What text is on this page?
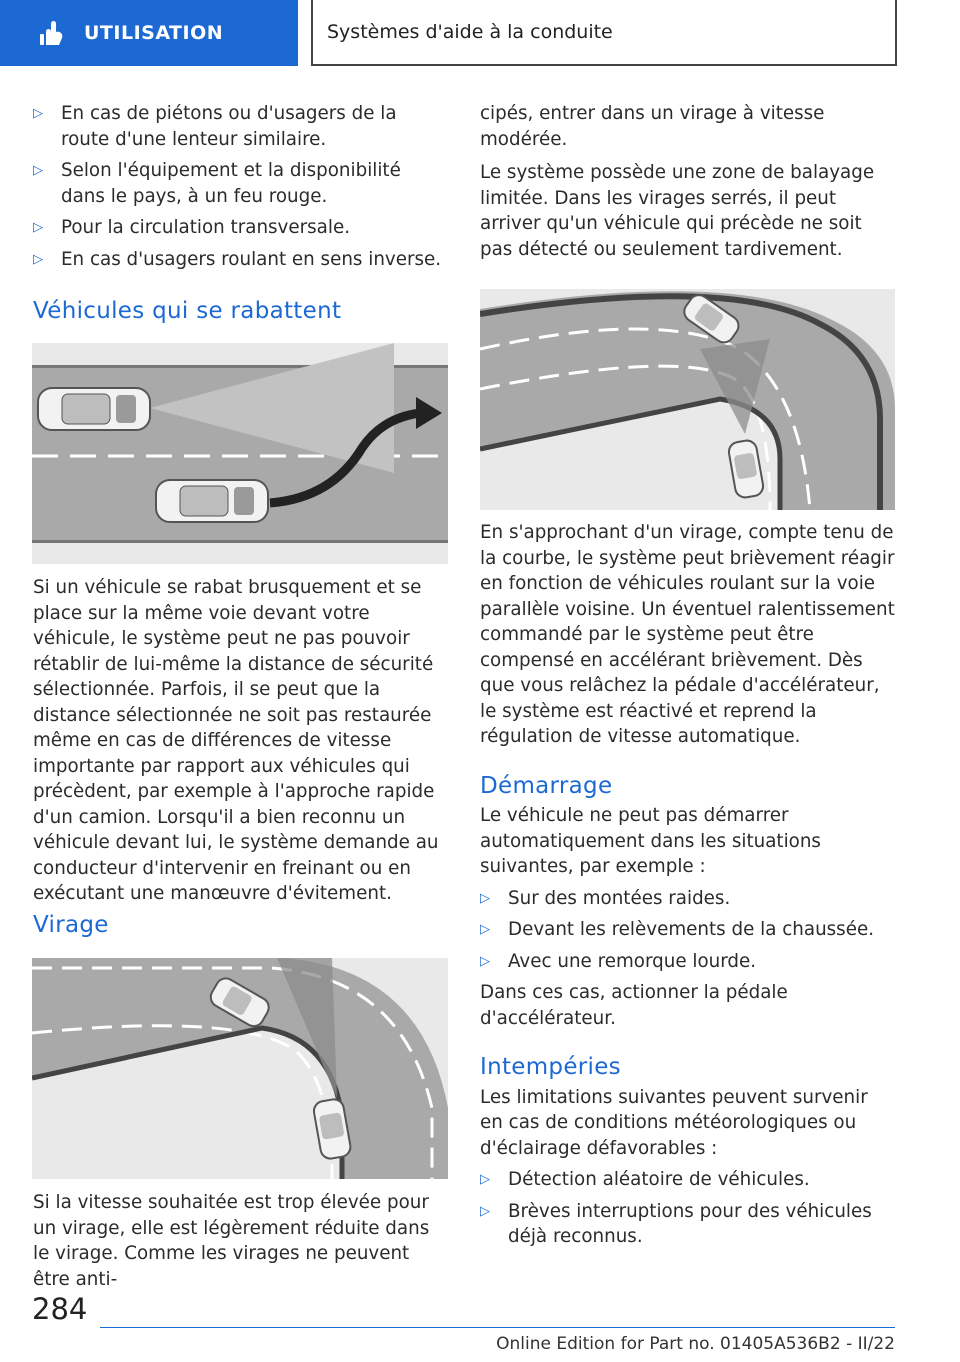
UTILISATION	Systèmes d'aide à la conduite
▷ En cas de piétons ou d'usagers de la route d'une lenteur similaire.
▷ Selon l'équipement et la disponibilité dans le pays, à un feu rouge.
▷ Pour la circulation transversale.
▷ En cas d'usagers roulant en sens inverse.
Véhicules qui se rabattent

Si un véhicule se rabat brusquement et se place sur la même voie devant votre véhicule, le système peut ne pas pouvoir rétablir de lui-même la distance de sécurité sélectionnée. Parfois, il se peut que la distance sélectionnée ne soit pas restaurée même en cas de différences de vitesse importante par rapport aux véhicules qui précèdent, par exemple à l'approche rapide d'un camion. Lorsqu'il a bien reconnu un véhicule devant lui, le système demande au conducteur d'intervenir en freinant ou en exécutant une manœuvre d'évitement.

Virage

Si la vitesse souhaitée est trop élevée pour un virage, elle est légèrement réduite dans le virage. Comme les virages ne peuvent être anti-

cipés, entrer dans un virage à vitesse modérée.

Le système possède une zone de balayage limitée. Dans les virages serrés, il peut arriver qu'un véhicule qui précède ne soit pas détecté ou seulement tardivement.

En s'approchant d'un virage, compte tenu de la courbe, le système peut brièvement réagir en fonction de véhicules roulant sur la voie parallèle voisine. Un éventuel ralentissement commandé par le système peut être compensé en accélérant brièvement. Dès que vous relâchez la pédale d'accélérateur, le système est réactivé et reprend la régulation de vitesse automatique.

Démarrage

Le véhicule ne peut pas démarrer automatiquement dans les situations suivantes, par exemple :

▷ Sur des montées raides.
▷ Devant les relèvements de la chaussée.
▷ Avec une remorque lourde.

Dans ces cas, actionner la pédale d'accélérateur.

Intempéries

Les limitations suivantes peuvent survenir en cas de conditions météorologiques ou d'éclairage défavorables :

▷ Détection aléatoire de véhicules.
▷ Brèves interruptions pour des véhicules déjà reconnus.
284
Online Edition for Part no. 01405A536B2 - II/22
